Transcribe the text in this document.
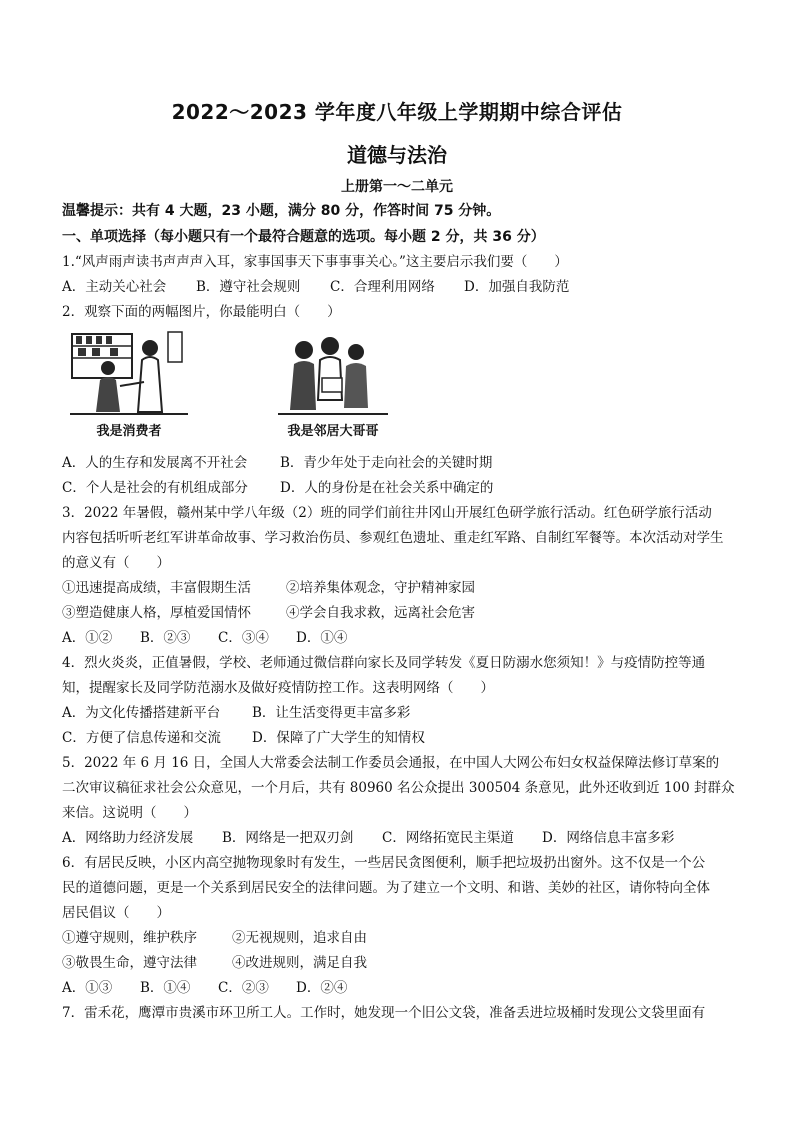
2022～2023 学年度八年级上学期期中综合评估
道德与法治
上册第一～二单元
温馨提示：共有 4 大题，23 小题，满分 80 分，作答时间 75 分钟。
一、单项选择（每小题只有一个最符合题意的选项。每小题 2 分，共 36 分）
1.“风声雨声读书声声声入耳，家事国事天下事事事关心。”这主要启示我们要（　　）
A．主动关心社会 B．遵守社会规则 C．合理利用网络 D．加强自我防范
2．观察下面的两幅图片，你最能明白（　　）
我是消费者	我是邻居大哥哥
A．人的生存和发展离不开社会 B．青少年处于走向社会的关键时期
C．个人是社会的有机组成部分 D．人的身份是在社会关系中确定的
3．2022 年暑假，赣州某中学八年级（2）班的同学们前往井冈山开展红色研学旅行活动。红色研学旅行活动
内容包括听听老红军讲革命故事、学习救治伤员、参观红色遗址、重走红军路、自制红军餐等。本次活动对学生
的意义有（　　）
①迅速提高成绩，丰富假期生活	②培养集体观念，守护精神家园
③塑造健康人格，厚植爱国情怀	④学会自我求救，远离社会危害
A．①② B．②③ C．③④ D．①④
4．烈火炎炎，正值暑假，学校、老师通过微信群向家长及同学转发《夏日防溺水您须知！》与疫情防控等通
知，提醒家长及同学防范溺水及做好疫情防控工作。这表明网络（　　）
A．为文化传播搭建新平台 B．让生活变得更丰富多彩
C．方便了信息传递和交流 D．保障了广大学生的知情权
5．2022 年 6 月 16 日，全国人大常委会法制工作委员会通报，在中国人大网公布妇女权益保障法修订草案的
二次审议稿征求社会公众意见，一个月后，共有 80960 名公众提出 300504 条意见，此外还收到近 100 封群众
来信。这说明（　　）
A．网络助力经济发展 B．网络是一把双刃剑 C．网络拓宽民主渠道 D．网络信息丰富多彩
6．有居民反映，小区内高空抛物现象时有发生，一些居民贪图便利，顺手把垃圾扔出窗外。这不仅是一个公
民的道德问题，更是一个关系到居民安全的法律问题。为了建立一个文明、和谐、美妙的社区，请你特向全体
居民倡议（　　）
①遵守规则，维护秩序	②无视规则，追求自由
③敬畏生命，遵守法律	④改进规则，满足自我
A．①③ B．①④ C．②③ D．②④
7．雷禾花，鹰潭市贵溪市环卫所工人。工作时，她发现一个旧公文袋，准备丢进垃圾桶时发现公文袋里面有
